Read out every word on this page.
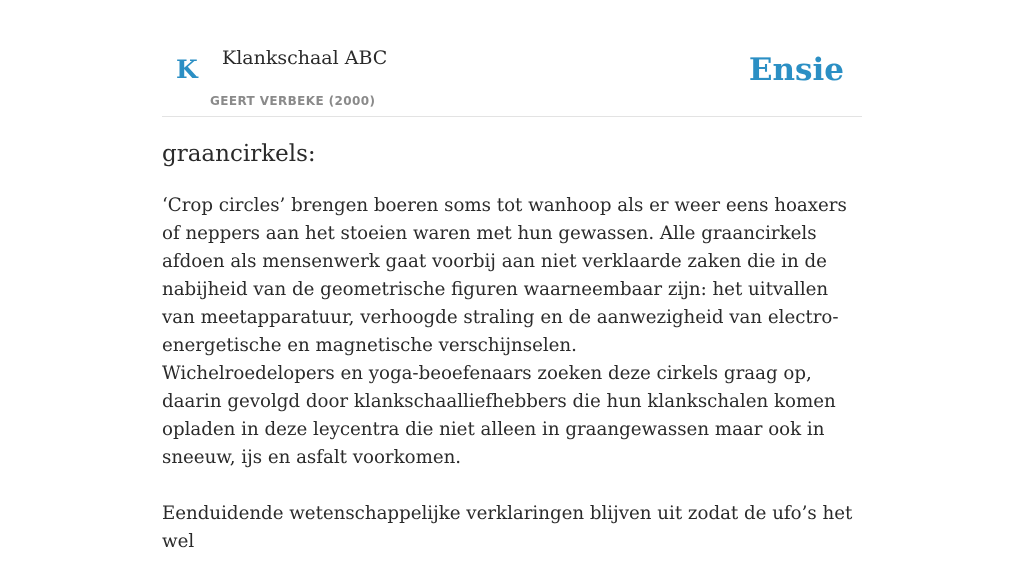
K Klankschaal ABC
GEERT VERBEKE (2000)
Ensie
graancirkels:

‘Crop circles’ brengen boeren soms tot wanhoop als er weer eens hoaxers of neppers aan het stoeien waren met hun gewassen. Alle graancirkels afdoen als mensenwerk gaat voorbij aan niet verklaarde zaken die in de nabijheid van de geometrische figuren waarneembaar zijn: het uitvallen van meetapparatuur, verhoogde straling en de aanwezigheid van electro-energetische en magnetische verschijnselen.
Wichelroedelopers en yoga-beoefenaars zoeken deze cirkels graag op, daarin gevolgd door klankschaalliefhebbers die hun klankschalen komen opladen in deze leycentra die niet alleen in graangewassen maar ook in sneeuw, ijs en asfalt voorkomen.

Eenduidende wetenschappelijke verklaringen blijven uit zodat de ufo’s het wel
